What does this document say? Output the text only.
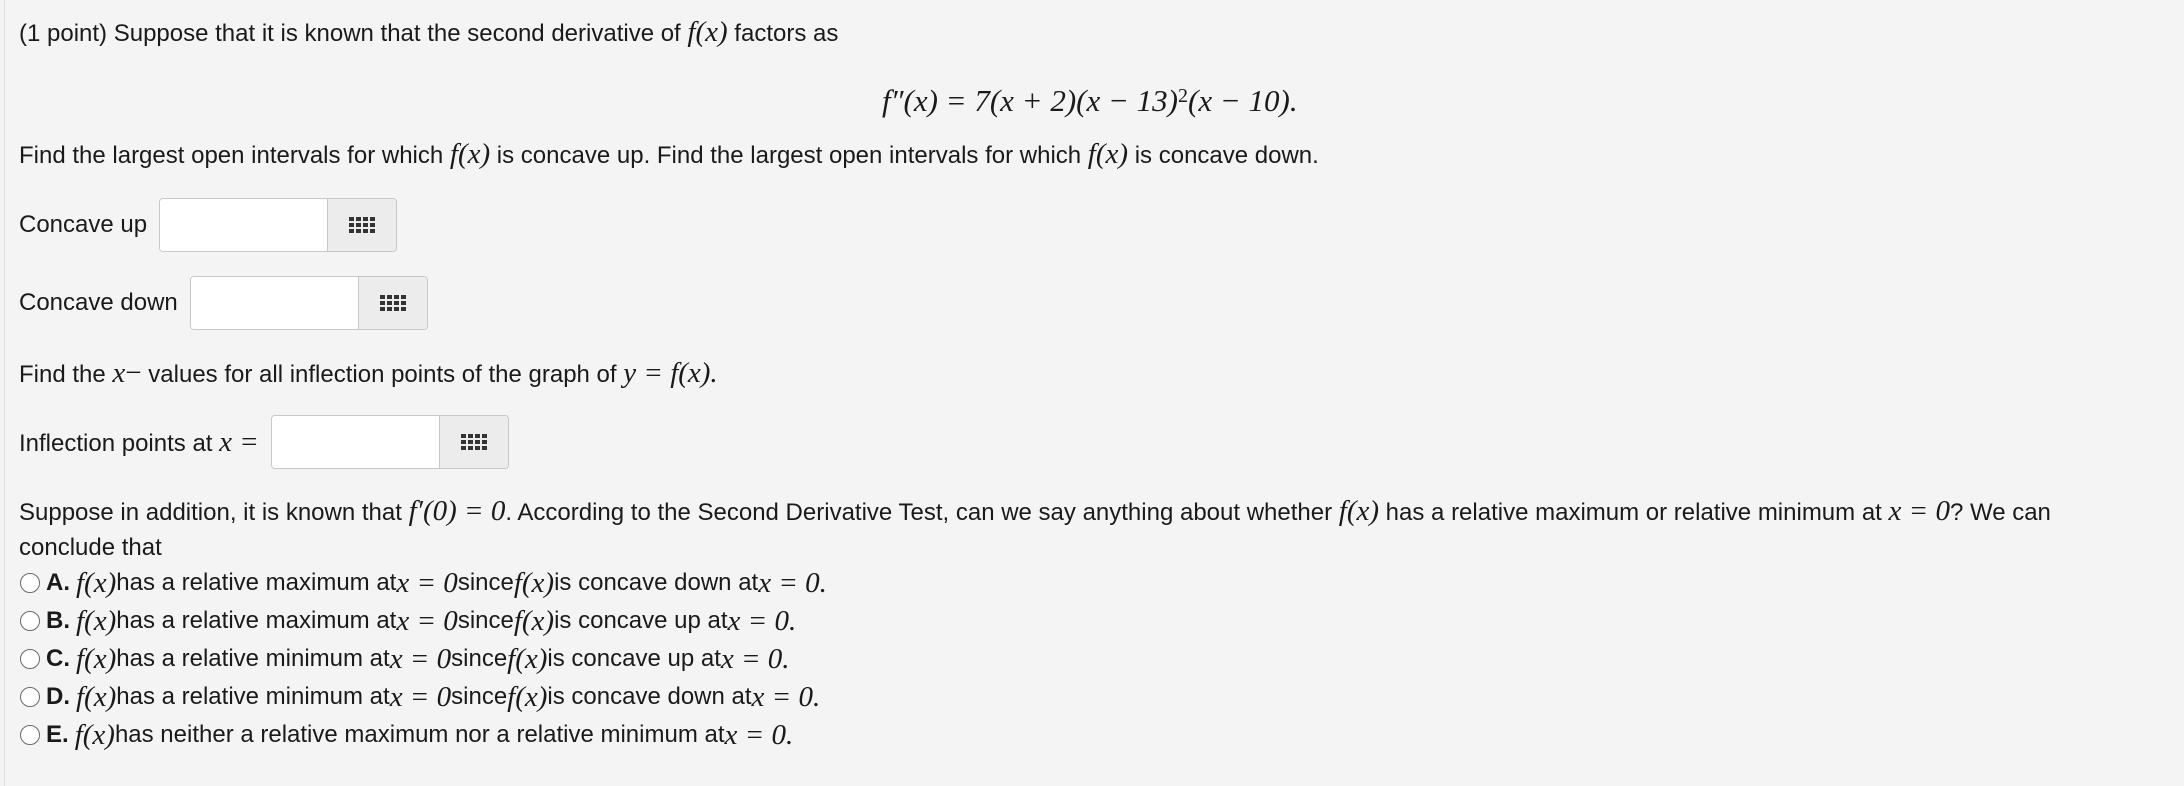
(1 point) Suppose that it is known that the second derivative of f(x) factors as
$f''(x) = 7(x + 2)(x - 13)^2(x - 10)$.
Find the largest open intervals for which f(x) is concave up. Find the largest open intervals for which f(x) is concave down.
Concave up
Concave down
Find the x− values for all inflection points of the graph of y = f(x).
Inflection points at x =
Suppose in addition, it is known that f′(0) = 0. According to the Second Derivative Test, can we say anything about whether f(x) has a relative maximum or relative minimum at x = 0? We can
conclude that
A. f(x) has a relative maximum at x = 0 since f(x) is concave down at x = 0.
B. f(x) has a relative maximum at x = 0 since f(x) is concave up at x = 0.
C. f(x) has a relative minimum at x = 0 since f(x) is concave up at x = 0.
D. f(x) has a relative minimum at x = 0 since f(x) is concave down at x = 0.
E. f(x) has neither a relative maximum nor a relative minimum at x = 0.
